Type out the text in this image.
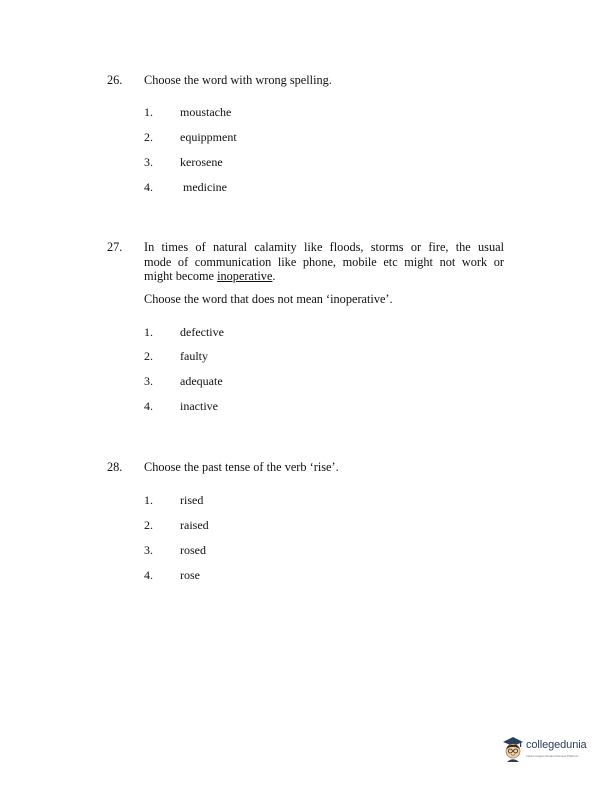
26. Choose the word with wrong spelling.
1. moustache
2. equippment
3. kerosene
4.	medicine
27. In times of natural calamity like floods, storms or fire, the usual
mode of communication like phone, mobile etc might not work or
might become inoperative.
Choose the word that does not mean ‘inoperative’.
1. defective
2. faulty
3. adequate
4. inactive
28. Choose the past tense of the verb ‘rise’.
1. rised
2. raised
3. rosed
4. rose
collegedunia
India's largest Student Review Platform
